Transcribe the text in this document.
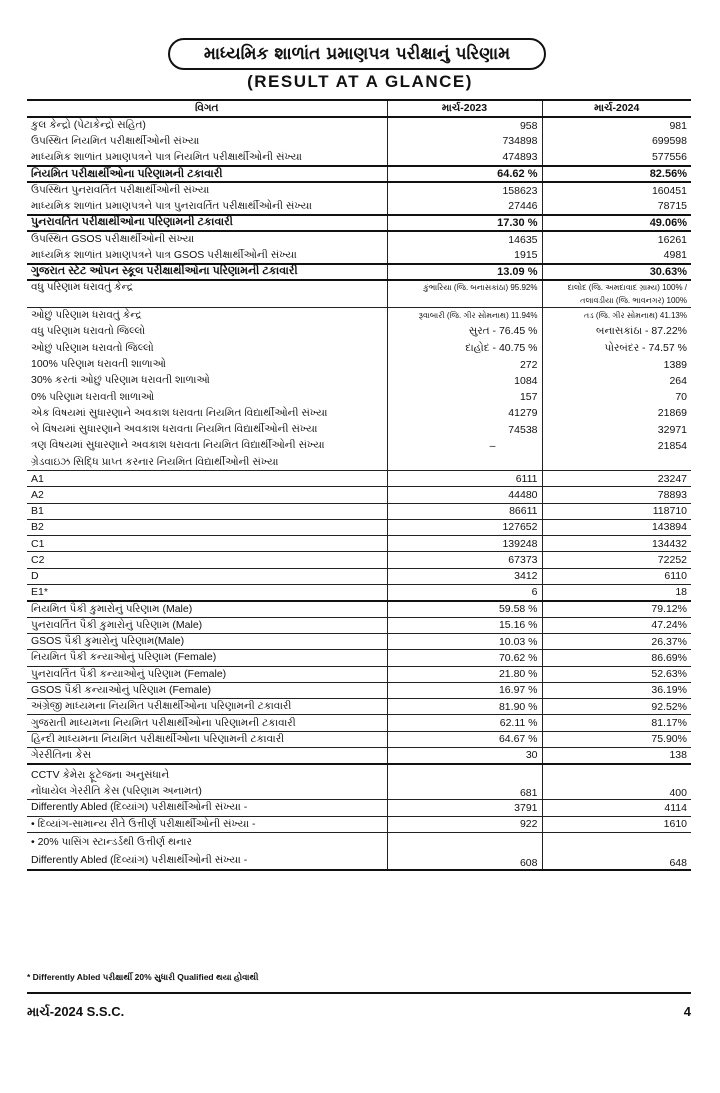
માધ્યમિક શાળાંત પ્રમાણપત્ર પરીક્ષાનું પરિણામ
(RESULT AT A GLANCE)
વિગત	માર્ચ-2023	માર્ચ-2024
કુલ કેન્દ્રો (પેટાકેન્દ્રો સહિત)	958	981
ઉપસ્થિત નિયમિત પરીક્ષાર્થીઓની સંખ્યા	734898	699598
માધ્યમિક શાળાંત પ્રમાણપત્રને પાત્ર નિયમિત પરીક્ષાર્થીઓની સંખ્યા	474893	577556
નિયમિત પરીક્ષાર્થીઓના પરિણામની ટકાવારી	64.62 %	82.56%
ઉપસ્થિત પુનરાવર્તિત પરીક્ષાર્થીઓની સંખ્યા	158623	160451
માધ્યમિક શાળાંત પ્રમાણપત્રને પાત્ર પુનરાવર્તિત પરીક્ષાર્થીઓની સંખ્યા	27446	78715
પુનરાવર્તિત પરીક્ષાર્થીઓના પરિણામની ટકાવારી	17.30 %	49.06%
ઉપસ્થિત GSOS પરીક્ષાર્થીઓની સંખ્યા	14635	16261
માધ્યમિક શાળાંત પ્રમાણપત્રને પાત્ર GSOS પરીક્ષાર્થીઓની સંખ્યા	1915	4981
ગુજરાત સ્ટેટ ઓપન સ્કૂલ પરીક્ષાર્થીઓના પરિણામની ટકાવારી	13.09 %	30.63%
વધુ પરિણામ ધરાવતું કેન્દ્ર	કુંભારિયા (જિ. બનાસકાંઠા) 95.92%	દાલોદ (જિ. અમદાવાદ ગ્રામ્ય) 100% / તલાવડીયા (જિ. ભાવનગર) 100%
ઓછું પરિણામ ધરાવતું કેન્દ્ર	રૂવાબારી (જિ. ગીર સોમનાથ) 11.94%	તડ (જિ. ગીર સોમનાથ) 41.13%
વધુ પરિણામ ધરાવતો જિલ્લો	સુરત - 76.45 %	બનાસકાંઠા - 87.22%
ઓછું પરિણામ ધરાવતો જિલ્લો	દાહોદ - 40.75 %	પોરબંદર - 74.57 %
100% પરિણામ ધરાવતી શાળાઓ	272	1389
30% કરતાં ઓછું પરિણામ ધરાવતી શાળાઓ	1084	264
0% પરિણામ ધરાવતી શાળાઓ	157	70
એક વિષયમાં સુધારણાને અવકાશ ધરાવતા નિયમિત વિદ્યાર્થીઓની સંખ્યા	41279	21869
બે વિષયમાં સુધારણાને અવકાશ ધરાવતા નિયમિત વિદ્યાર્થીઓની સંખ્યા	74538	32971
ત્રણ વિષયમાં સુધારણાને અવકાશ ધરાવતા નિયમિત વિદ્યાર્થીઓની સંખ્યા	–	21854
ગ્રેડવાઇઝ સિદ્ધિ પ્રાપ્ત કરનાર નિયમિત વિદ્યાર્થીઓની સંખ્યા		
A1	6111	23247
A2	44480	78893
B1	86611	118710
B2	127652	143894
C1	139248	134432
C2	67373	72252
D	3412	6110
E1*	6	18
નિયમિત પૈકી કુમારોનું પરિણામ (Male)	59.58 %	79.12%
પુનરાવર્તિત પૈકી કુમારોનું પરિણામ (Male)	15.16 %	47.24%
GSOS પૈકી કુમારોનું પરિણામ(Male)	10.03 %	26.37%
નિયમિત પૈકી કન્યાઓનું પરિણામ (Female)	70.62 %	86.69%
પુનરાવર્તિત પૈકી કન્યાઓનું પરિણામ (Female)	21.80 %	52.63%
GSOS પૈકી કન્યાઓનું પરિણામ (Female)	16.97 %	36.19%
અંગ્રેજી માધ્યમના નિયમિત પરીક્ષાર્થીઓના પરિણામની ટકાવારી	81.90 %	92.52%
ગુજરાતી માધ્યમના નિયમિત પરીક્ષાર્થીઓના પરિણામની ટકાવારી	62.11 %	81.17%
હિન્દી માધ્યમના નિયમિત પરીક્ષાર્થીઓના પરિણામની ટકાવારી	64.67 %	75.90%
ગેરરીતિના કેસ	30	138

CCTV કેમેરા ફૂટેજના અનુસંધાને
નોંધાયેલ ગેરરીતિ કેસ (પરિણામ અનામત)	681	400
Differently Abled (દિવ્યાંગ) પરીક્ષાર્થીઓની સંખ્યા -	3791	4114
• દિવ્યાંગ-સામાન્ય રીતે ઉત્તીર્ણ પરીક્ષાર્થીઓની સંખ્યા -	922	1610

• 20% પાસિંગ સ્ટાન્ડર્ડથી ઉત્તીર્ણ થનાર
Differently Abled (દિવ્યાંગ) પરીક્ષાર્થીઓની સંખ્યા -	608	648
* Differently Abled પરીક્ષાર્થી 20% સુધારી Qualified થયા હોવાથી
માર્ચ-2024 S.S.C.	4
